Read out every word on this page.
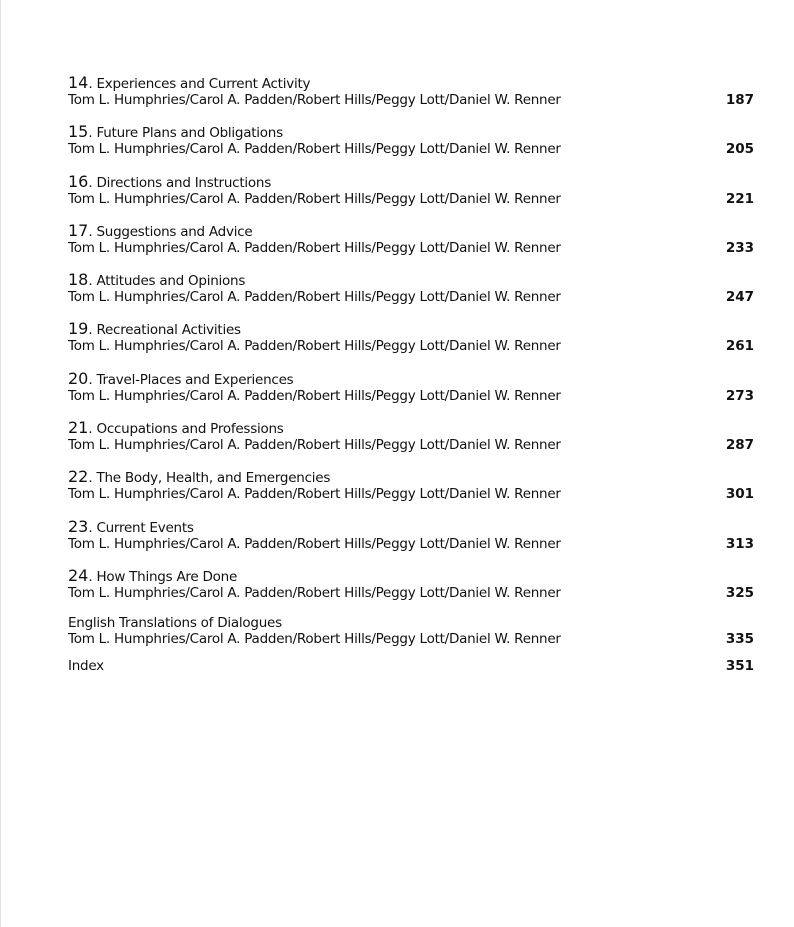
14. Experiences and Current Activity
Tom L. Humphries/Carol A. Padden/Robert Hills/Peggy Lott/Daniel W. Renner	187
15. Future Plans and Obligations
Tom L. Humphries/Carol A. Padden/Robert Hills/Peggy Lott/Daniel W. Renner	205
16. Directions and Instructions
Tom L. Humphries/Carol A. Padden/Robert Hills/Peggy Lott/Daniel W. Renner	221
17. Suggestions and Advice
Tom L. Humphries/Carol A. Padden/Robert Hills/Peggy Lott/Daniel W. Renner	233
18. Attitudes and Opinions
Tom L. Humphries/Carol A. Padden/Robert Hills/Peggy Lott/Daniel W. Renner	247
19. Recreational Activities
Tom L. Humphries/Carol A. Padden/Robert Hills/Peggy Lott/Daniel W. Renner	261
20. Travel-Places and Experiences
Tom L. Humphries/Carol A. Padden/Robert Hills/Peggy Lott/Daniel W. Renner	273
21. Occupations and Professions
Tom L. Humphries/Carol A. Padden/Robert Hills/Peggy Lott/Daniel W. Renner	287
22. The Body, Health, and Emergencies
Tom L. Humphries/Carol A. Padden/Robert Hills/Peggy Lott/Daniel W. Renner	301
23. Current Events
Tom L. Humphries/Carol A. Padden/Robert Hills/Peggy Lott/Daniel W. Renner	313
24. How Things Are Done
Tom L. Humphries/Carol A. Padden/Robert Hills/Peggy Lott/Daniel W. Renner	325
English Translations of Dialogues
Tom L. Humphries/Carol A. Padden/Robert Hills/Peggy Lott/Daniel W. Renner	335
Index	351
